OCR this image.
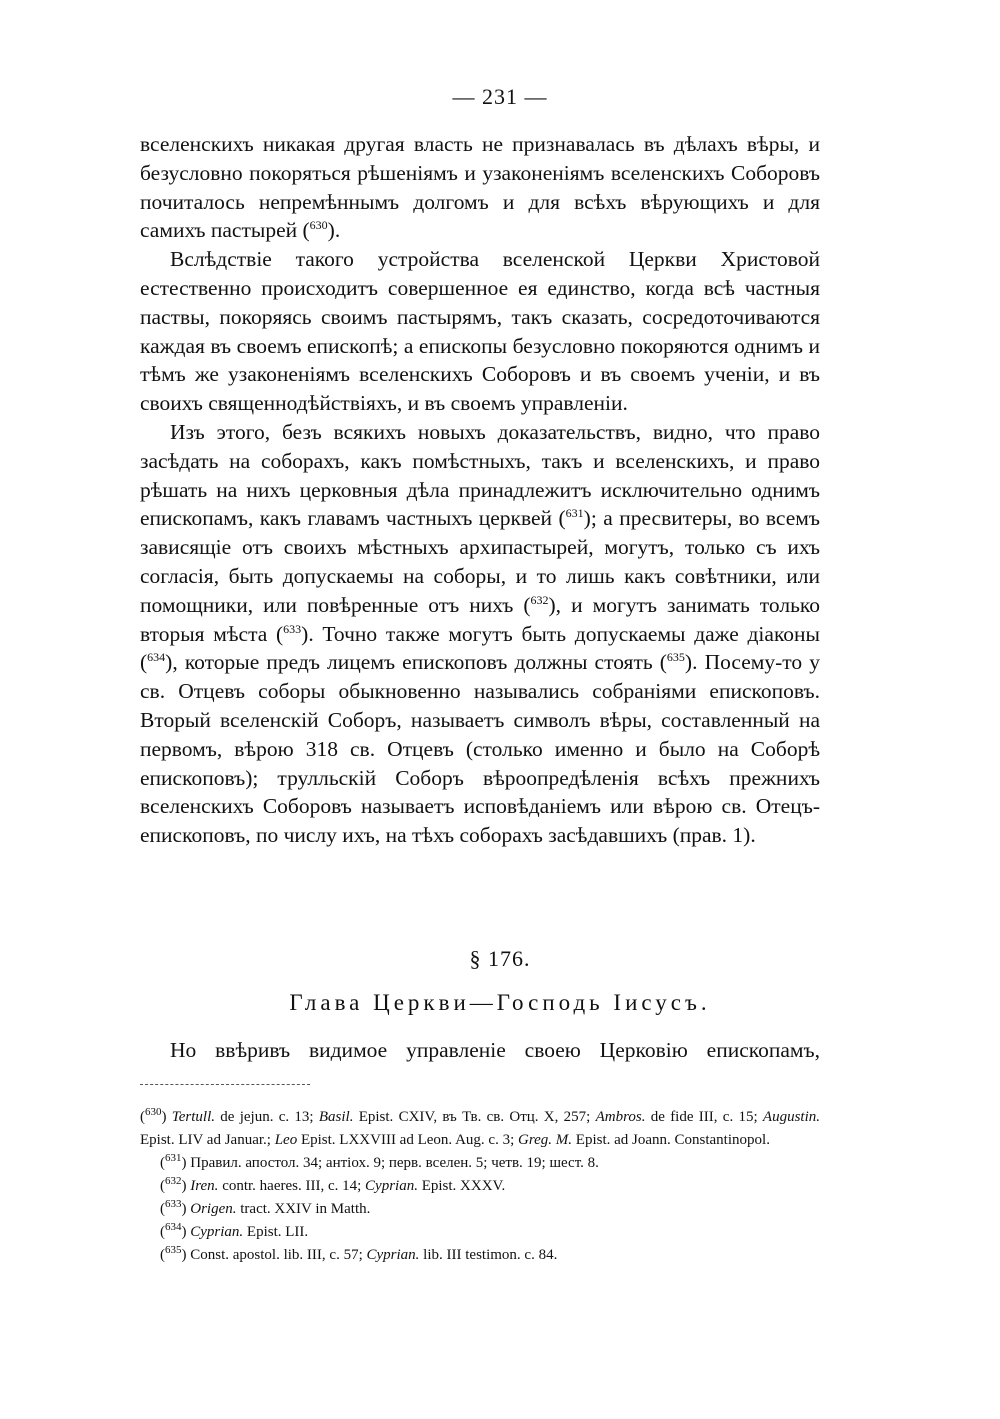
— 231 —

вселенскихъ никакая другая власть не признавалась въ дѣлахъ вѣры, и безусловно покоряться рѣшеніямъ и узаконеніямъ вселенскихъ Соборовъ почиталось непремѣннымъ долгомъ и для всѣхъ вѣрующихъ и для самихъ пастырей ($^{630}$).

Вслѣдствіе такого устройства вселенской Церкви Христовой естественно происходитъ совершенное ея единство, когда всѣ частныя паствы, покоряясь своимъ пастырямъ, такъ сказать, сосредоточиваются каждая въ своемъ епископѣ; а епископы безусловно покоряются однимъ и тѣмъ же узаконеніямъ вселенскихъ Соборовъ и въ своемъ ученіи, и въ своихъ священнодѣйствіяхъ, и въ своемъ управленіи.

Изъ этого, безъ всякихъ новыхъ доказательствъ, видно, что право засѣдать на соборахъ, какъ помѣстныхъ, такъ и вселенскихъ, и право рѣшать на нихъ церковныя дѣла принадлежитъ исключительно однимъ епископамъ, какъ главамъ частныхъ церквей ($^{631}$); а пресвитеры, во всемъ зависящіе отъ своихъ мѣстныхъ архипастырей, могутъ, только съ ихъ согласія, быть допускаемы на соборы, и то лишь какъ совѣтники, или помощники, или повѣренные отъ нихъ ($^{632}$), и могутъ занимать только вторыя мѣста ($^{633}$). Точно также могутъ быть допускаемы даже діаконы ($^{634}$), которые предъ лицемъ епископовъ должны стоять ($^{635}$). Посему-то у св. Отцевъ соборы обыкновенно назывались собраніями епископовъ. Вторый вселенскій Соборъ, называетъ символъ вѣры, составленный на первомъ, вѣрою 318 св. Отцевъ (столько именно и было на Соборѣ епископовъ); трулльскій Соборъ вѣроопредѣленія всѣхъ прежнихъ вселенскихъ Соборовъ называетъ исповѣданіемъ или вѣрою св. Отецъ-епископовъ, по числу ихъ, на тѣхъ соборахъ засѣдавшихъ (прав. 1).

§ 176.
Глава Церкви—Господь Іисусъ.
Но ввѣривъ видимое управленіе своею Церковію епископамъ,

($^{630}$) Tertull. de jejun. c. 13; Basil. Epist. CXIV, въ Тв. св. Отц. X, 257; Ambros. de fide III, c. 15; Augustin. Epist. LIV ad Januar.; Leo Epist. LXXVIII ad Leon. Aug. c. 3; Greg. M. Epist. ad Joann. Constantinopol.

($^{631}$) Правил. апостол. 34; антіох. 9; перв. вселен. 5; четв. 19; шест. 8.

($^{632}$) Iren. contr. haeres. III, c. 14; Cyprian. Epist. XXXV.

($^{633}$) Origen. tract. XXIV in Matth.

($^{634}$) Cyprian. Epist. LII.

($^{635}$) Const. apostol. lib. III, c. 57; Cyprian. lib. III testimon. c. 84.
